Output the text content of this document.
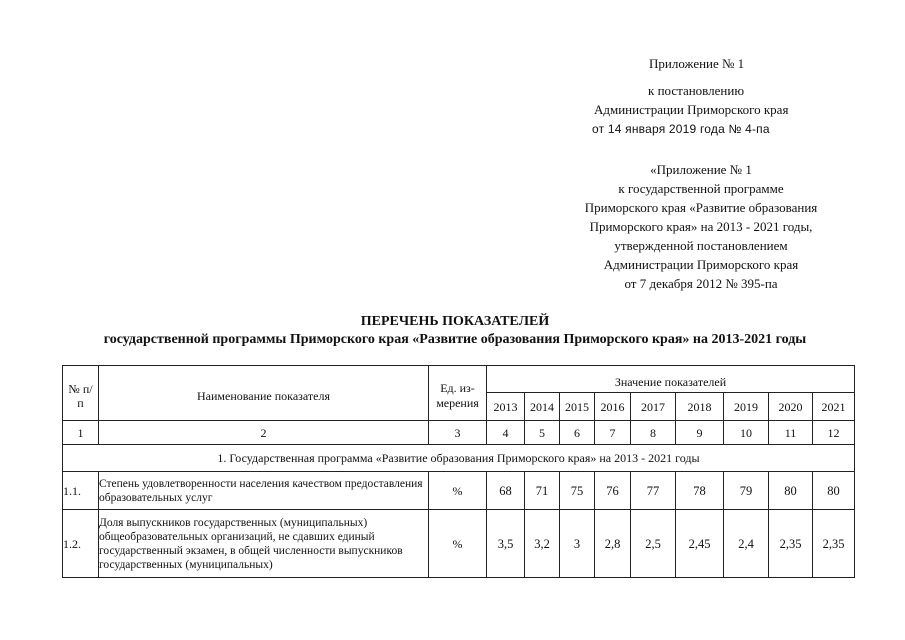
Приложение № 1
к постановлению
Администрации Приморского края
от 14 января 2019 года № 4-па
«Приложение № 1
к государственной программе
Приморского края «Развитие образования
Приморского края» на 2013 - 2021 годы,
утвержденной постановлением
Администрации Приморского края
от 7 декабря 2012 № 395-па
ПЕРЕЧЕНЬ ПОКАЗАТЕЛЕЙ
государственной программы Приморского края «Развитие образования Приморского края» на 2013-2021 годы
№ п/п	Наименование показателя	Ед. из-мерения	Значение показателей								
			2013	2014	2015	2016	2017	2018	2019	2020	2021
1	2	3	4	5	6	7	8	9	10	11	12
1. Государственная программа «Развитие образования Приморского края» на 2013 - 2021 годы											
1.1.	Степень удовлетворенности населения качеством предоставления образовательных услуг	%	68	71	75	76	77	78	79	80	80
1.2.	Доля выпускников государственных (муниципальных) общеобразовательных организаций, не сдавших единый государственный экзамен, в общей численности выпускников государственных (муниципальных)	%	3,5	3,2	3	2,8	2,5	2,45	2,4	2,35	2,35
